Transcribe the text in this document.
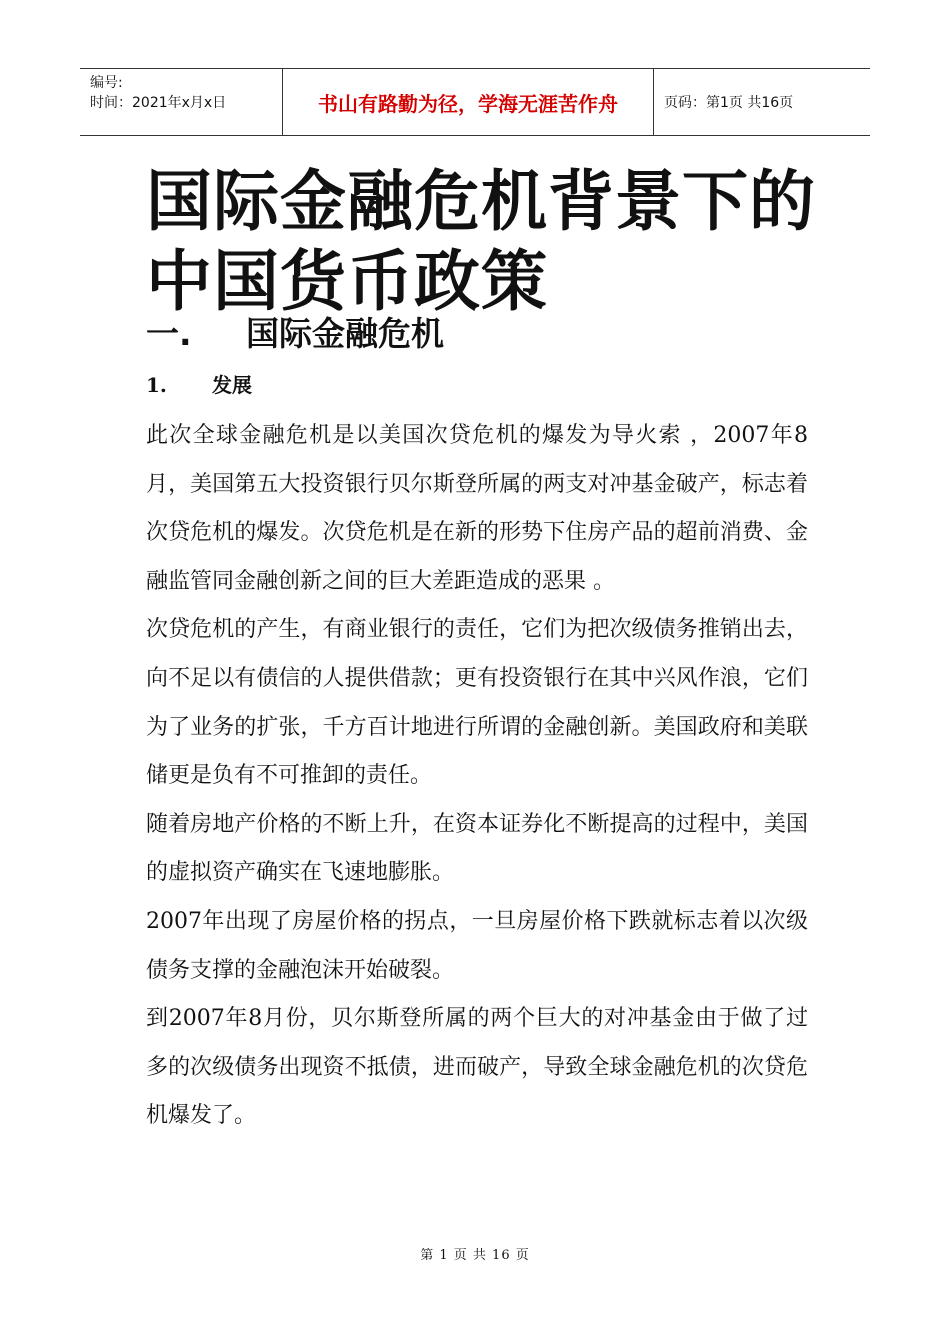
编号:
时间：2021年x月x日	书山有路勤为径，学海无涯苦作舟	页码：第1页 共16页
国际金融危机背景下的中国货币政策
一.	国际金融危机
1.	发展

此次全球金融危机是以美国次贷危机的爆发为导火索 ，2007年8月，美国第五大投资银行贝尔斯登所属的两支对冲基金破产，标志着次贷危机的爆发。次贷危机是在新的形势下住房产品的超前消费、金融监管同金融创新之间的巨大差距造成的恶果 。

次贷危机的产生，有商业银行的责任，它们为把次级债务推销出去，向不足以有债信的人提供借款；更有投资银行在其中兴风作浪，它们为了业务的扩张，千方百计地进行所谓的金融创新。美国政府和美联储更是负有不可推卸的责任。

随着房地产价格的不断上升，在资本证券化不断提高的过程中，美国的虚拟资产确实在飞速地膨胀。

2007年出现了房屋价格的拐点，一旦房屋价格下跌就标志着以次级债务支撑的金融泡沫开始破裂。

到2007年8月份，贝尔斯登所属的两个巨大的对冲基金由于做了过多的次级债务出现资不抵债，进而破产，导致全球金融危机的次贷危机爆发了。

第 1 页 共 16 页
